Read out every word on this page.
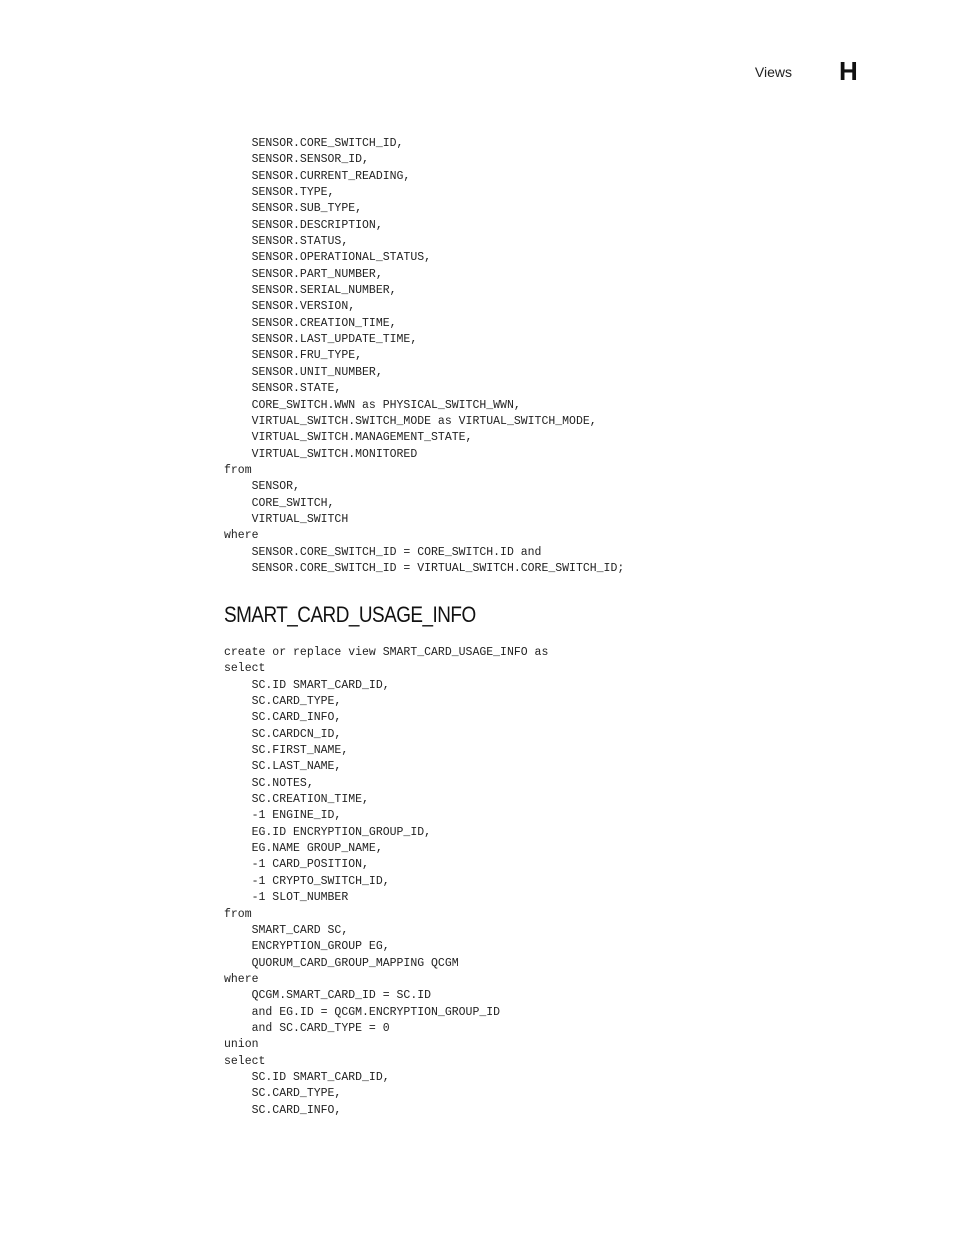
Views H
SENSOR.CORE_SWITCH_ID,
SENSOR.SENSOR_ID,
SENSOR.CURRENT_READING,
SENSOR.TYPE,
SENSOR.SUB_TYPE,
SENSOR.DESCRIPTION,
SENSOR.STATUS,
SENSOR.OPERATIONAL_STATUS,
SENSOR.PART_NUMBER,
SENSOR.SERIAL_NUMBER,
SENSOR.VERSION,
SENSOR.CREATION_TIME,
SENSOR.LAST_UPDATE_TIME,
SENSOR.FRU_TYPE,
SENSOR.UNIT_NUMBER,
SENSOR.STATE,
CORE_SWITCH.WWN as PHYSICAL_SWITCH_WWN,
VIRTUAL_SWITCH.SWITCH_MODE as VIRTUAL_SWITCH_MODE,
VIRTUAL_SWITCH.MANAGEMENT_STATE,
VIRTUAL_SWITCH.MONITORED
from
SENSOR,
CORE_SWITCH,
VIRTUAL_SWITCH
where
SENSOR.CORE_SWITCH_ID = CORE_SWITCH.ID and
SENSOR.CORE_SWITCH_ID = VIRTUAL_SWITCH.CORE_SWITCH_ID;
SMART_CARD_USAGE_INFO
create or replace view SMART_CARD_USAGE_INFO as
select
SC.ID SMART_CARD_ID,
SC.CARD_TYPE,
SC.CARD_INFO,
SC.CARDCN_ID,
SC.FIRST_NAME,
SC.LAST_NAME,
SC.NOTES,
SC.CREATION_TIME,
-1 ENGINE_ID,
EG.ID ENCRYPTION_GROUP_ID,
EG.NAME GROUP_NAME,
-1 CARD_POSITION,
-1 CRYPTO_SWITCH_ID,
-1 SLOT_NUMBER
from
SMART_CARD SC,
ENCRYPTION_GROUP EG,
QUORUM_CARD_GROUP_MAPPING QCGM
where
QCGM.SMART_CARD_ID = SC.ID
and EG.ID = QCGM.ENCRYPTION_GROUP_ID
and SC.CARD_TYPE = 0
union
select
SC.ID SMART_CARD_ID,
SC.CARD_TYPE,
SC.CARD_INFO,
